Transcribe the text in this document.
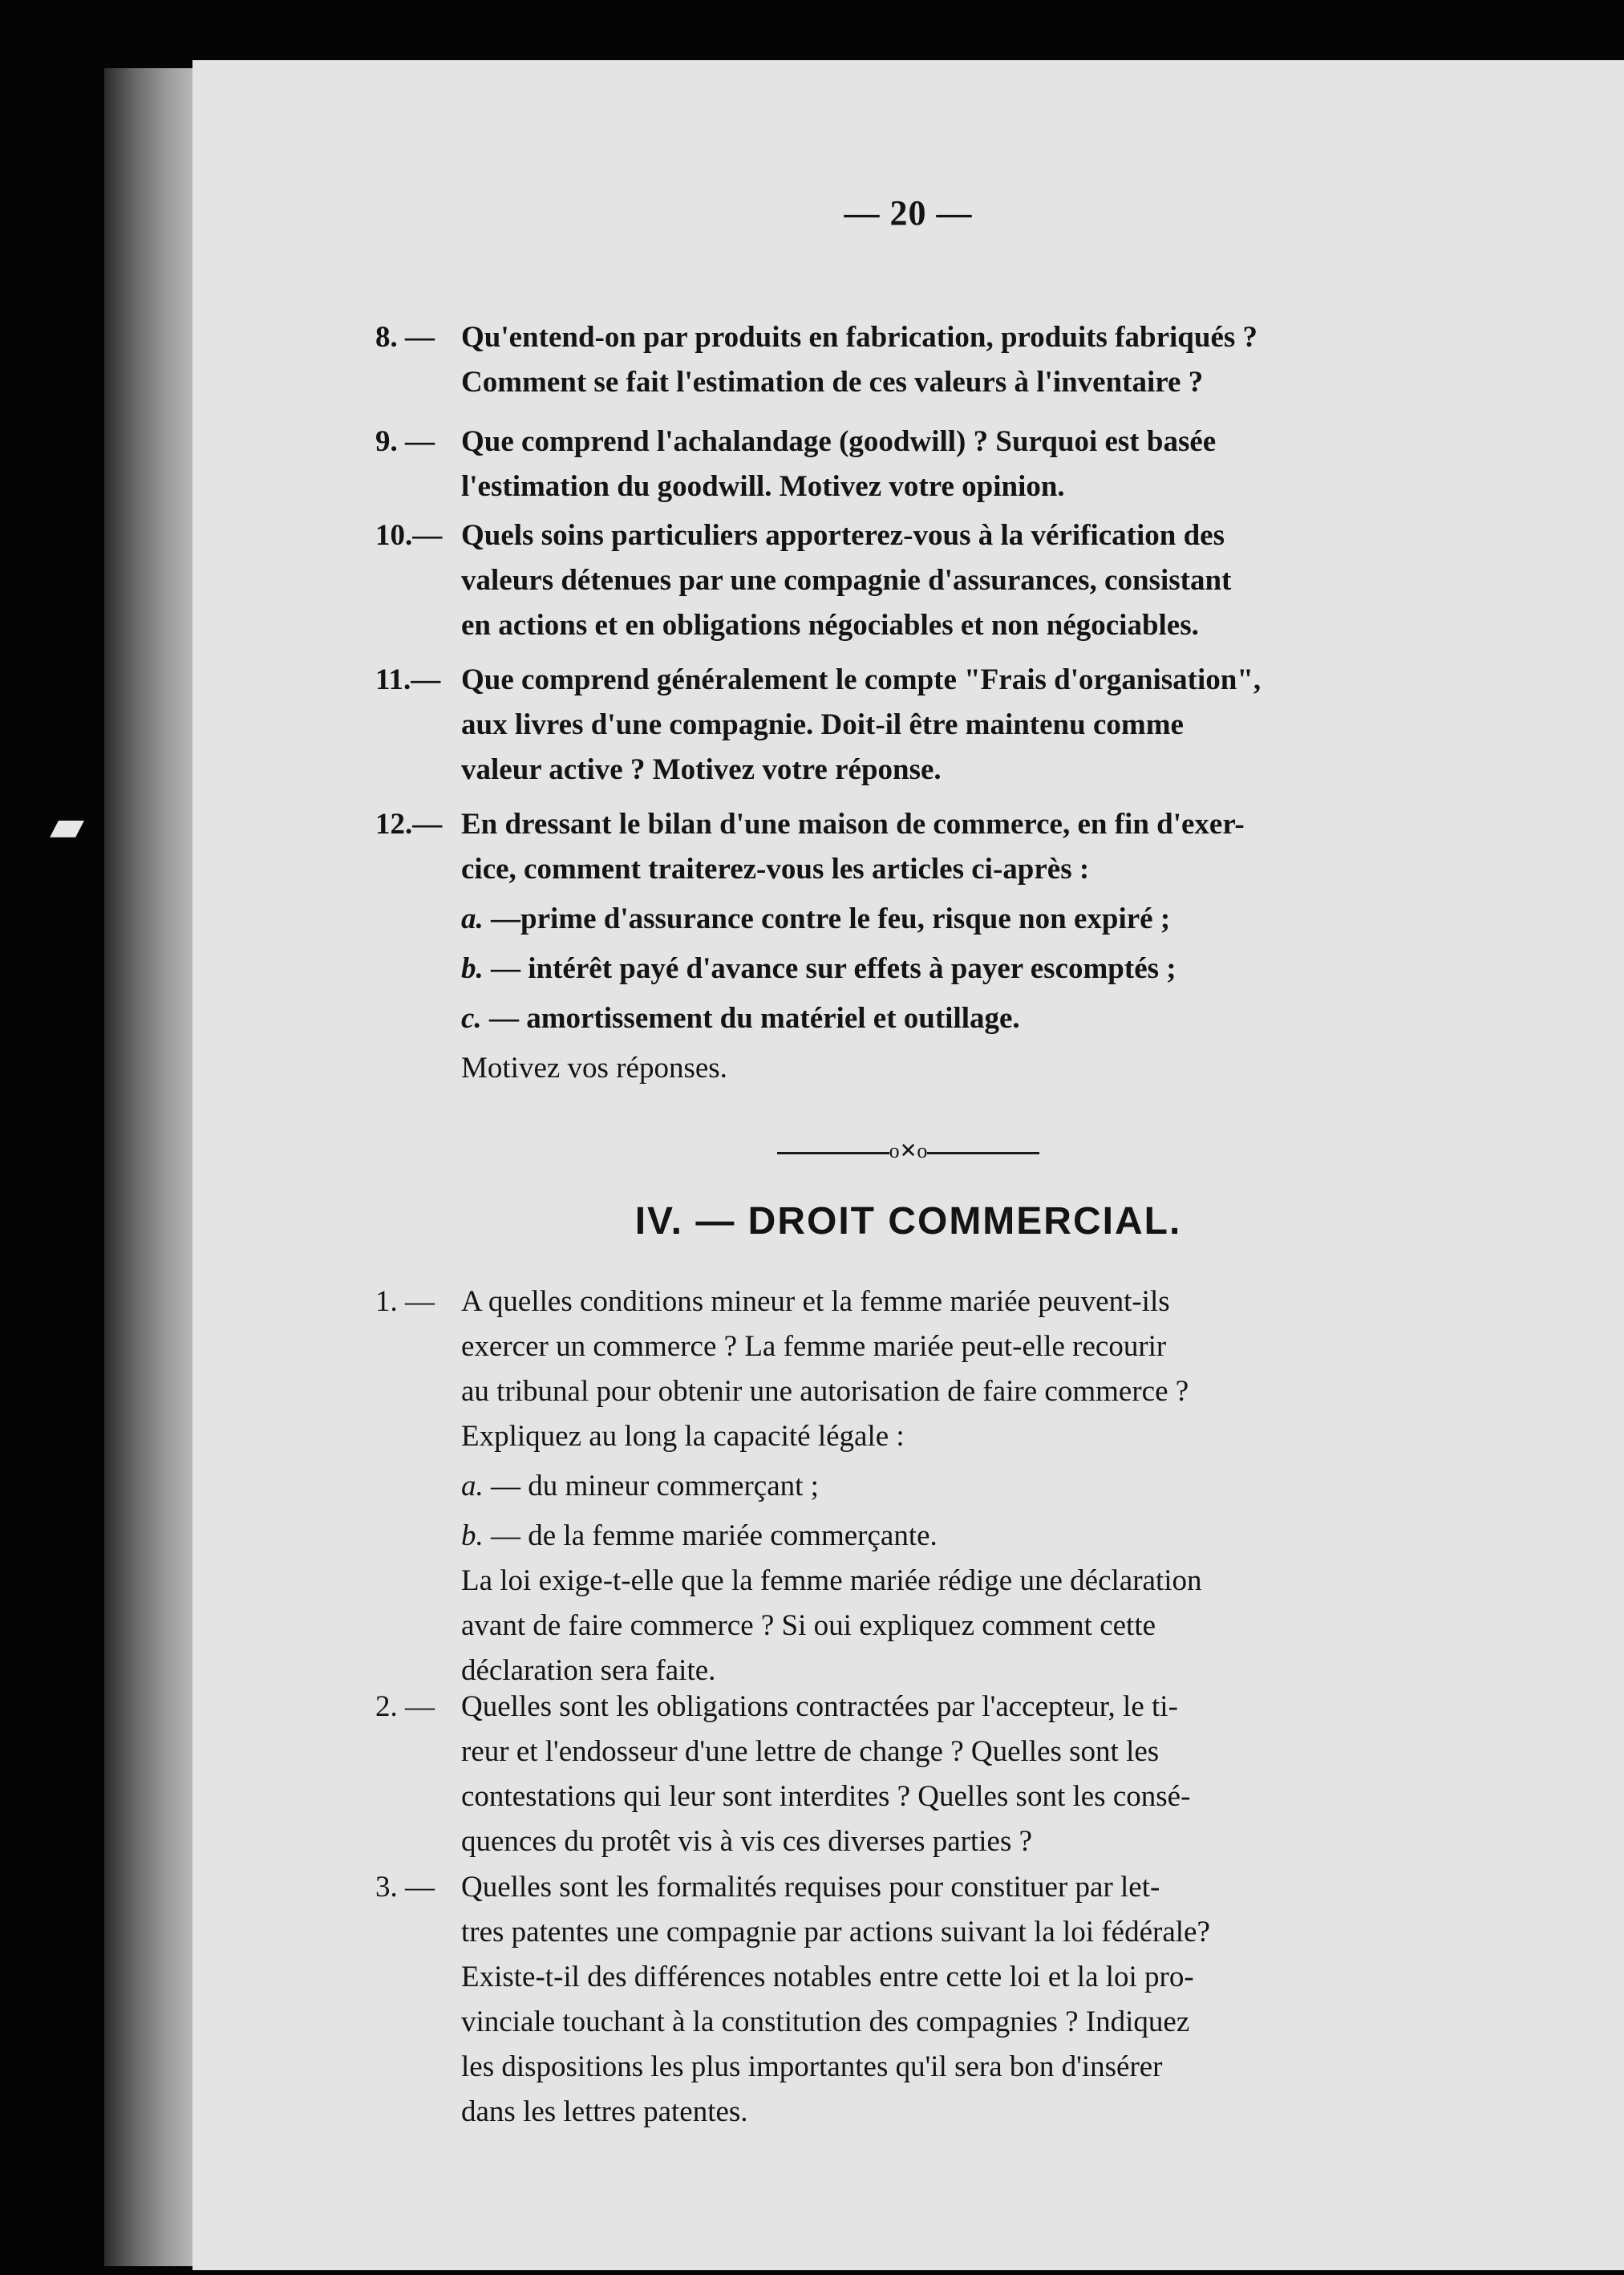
▰
— 20 —
8. — Qu'entend-on par produits en fabrication, produits fabriqués ?
Comment se fait l'estimation de ces valeurs à l'inventaire ?
9. — Que comprend l'achalandage (goodwill) ? Surquoi est basée
l'estimation du goodwill. Motivez votre opinion.
10.— Quels soins particuliers apporterez-vous à la vérification des
valeurs détenues par une compagnie d'assurances, consistant
en actions et en obligations négociables et non négociables.
11.— Que comprend généralement le compte "Frais d'organisation",
aux livres d'une compagnie. Doit-il être maintenu comme
valeur active ? Motivez votre réponse.
12.— En dressant le bilan d'une maison de commerce, en fin d'exer-
cice, comment traiterez-vous les articles ci-après :
a. —prime d'assurance contre le feu, risque non expiré ;
b. — intérêt payé d'avance sur effets à payer escomptés ;
c. — amortissement du matériel et outillage.
Motivez vos réponses.
o✕o
IV. — DROIT COMMERCIAL.
1. — A quelles conditions mineur et la femme mariée peuvent-ils
exercer un commerce ? La femme mariée peut-elle recourir
au tribunal pour obtenir une autorisation de faire commerce ?
Expliquez au long la capacité légale :
a. — du mineur commerçant ;
b. — de la femme mariée commerçante.
La loi exige-t-elle que la femme mariée rédige une déclaration
avant de faire commerce ? Si oui expliquez comment cette
déclaration sera faite.
2. — Quelles sont les obligations contractées par l'accepteur, le ti-
reur et l'endosseur d'une lettre de change ? Quelles sont les
contestations qui leur sont interdites ? Quelles sont les consé-
quences du protêt vis à vis ces diverses parties ?
3. — Quelles sont les formalités requises pour constituer par let-
tres patentes une compagnie par actions suivant la loi fédérale?
Existe-t-il des différences notables entre cette loi et la loi pro-
vinciale touchant à la constitution des compagnies ? Indiquez
les dispositions les plus importantes qu'il sera bon d'insérer
dans les lettres patentes.
